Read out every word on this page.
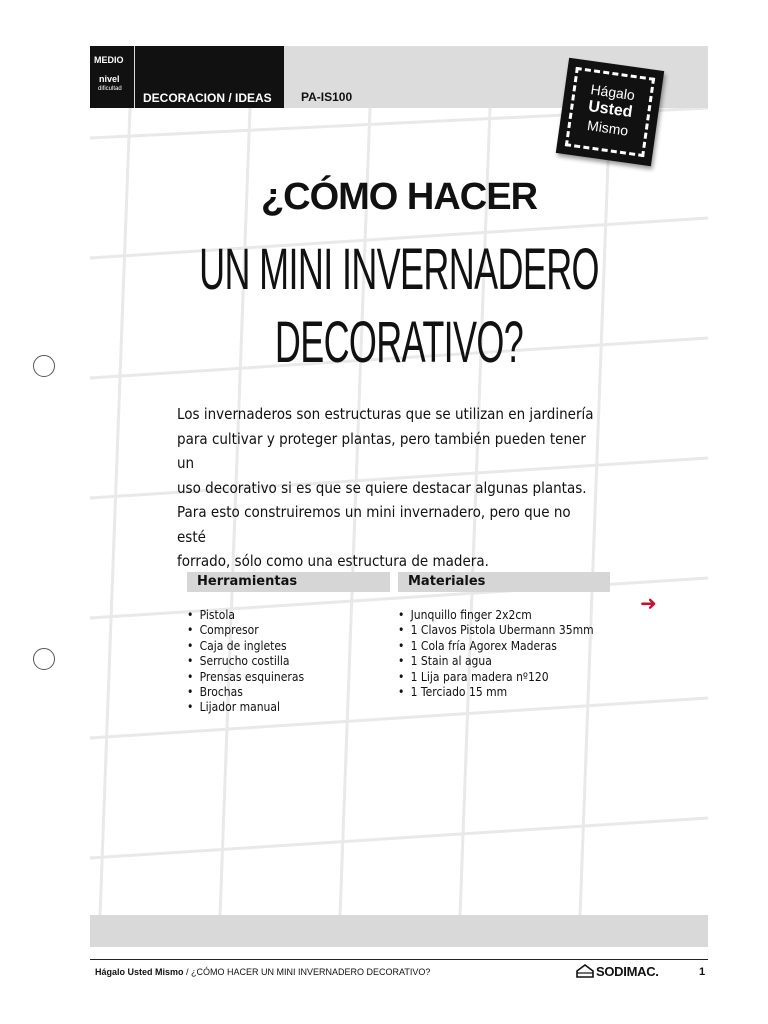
MEDIO
nivel
dificultad
DECORACION / IDEAS PA-IS100	Hágalo
Usted
Mismo
¿CÓMO HACER
UN MINI INVERNADERO
DECORATIVO?
Los invernaderos son estructuras que se utilizan en jardinería
para cultivar y proteger plantas, pero también pueden tener un
uso decorativo si es que se quiere destacar algunas plantas.
Para esto construiremos un mini invernadero, pero que no esté
forrado, sólo como una estructura de madera.
Herramientas	Materiales
• Pistola
• Compresor
• Caja de ingletes
• Serrucho costilla
• Prensas esquineras
• Brochas
• Lijador manual
• Junquillo finger 2x2cm
• 1 Clavos Pistola Ubermann 35mm
• 1 Cola fría Agorex Maderas
• 1 Stain al agua
• 1 Lija para madera nº120
• 1 Terciado 15 mm
➜
Hágalo Usted Mismo / ¿CÓMO HACER UN MINI INVERNADERO DECORATIVO?	SODIMAC.	1
